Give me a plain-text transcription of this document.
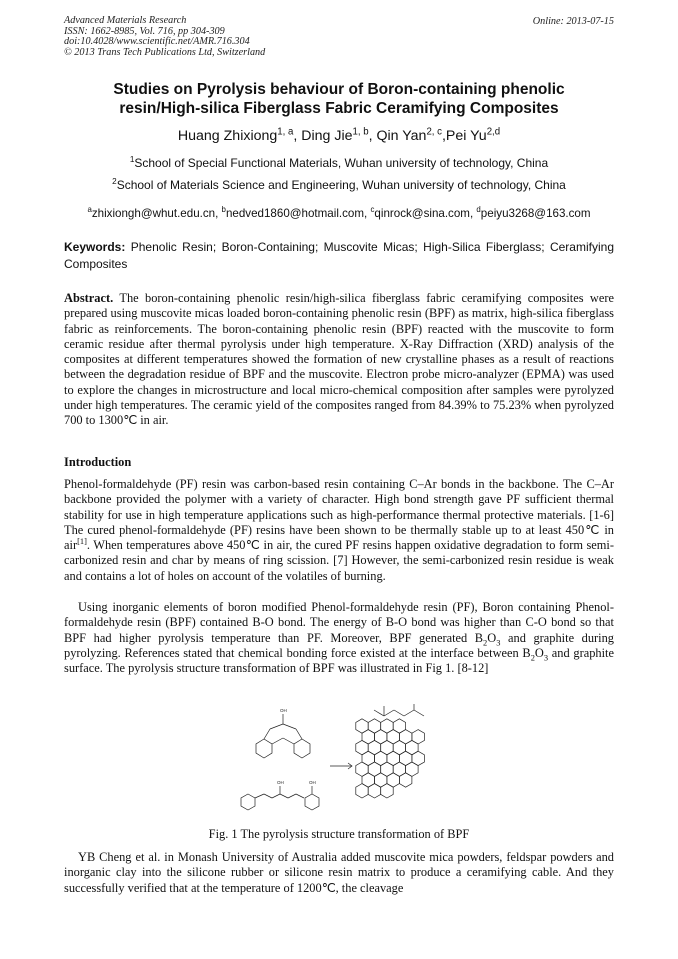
Advanced Materials Research
ISSN: 1662-8985, Vol. 716, pp 304-309
doi:10.4028/www.scientific.net/AMR.716.304
© 2013 Trans Tech Publications Ltd, Switzerland
Online: 2013-07-15
Studies on Pyrolysis behaviour of Boron-containing phenolic
resin/High-silica Fiberglass Fabric Ceramifying Composites
Huang Zhixiong$^{1, a}$, Ding Jie$^{1, b}$, Qin Yan$^{2, c}$,Pei Yu$^{2,d}$
$^1$School of Special Functional Materials, Wuhan university of technology, China
$^2$School of Materials Science and Engineering, Wuhan university of technology, China
$^a$zhixiongh@whut.edu.cn, $^b$nedved1860@hotmail.com, $^c$qinrock@sina.com, $^d$peiyu3268@163.com
Keywords: Phenolic Resin; Boron-Containing; Muscovite Micas; High-Silica Fiberglass; Ceramifying Composites
Abstract. The boron-containing phenolic resin/high-silica fiberglass fabric ceramifying composites were prepared using muscovite micas loaded boron-containing phenolic resin (BPF) as matrix, high-silica fiberglass fabric as reinforcements. The boron-containing phenolic resin (BPF) reacted with the muscovite to form ceramic residue after thermal pyrolysis under high temperature. X-Ray Diffraction (XRD) analysis of the composites at different temperatures showed the formation of new crystalline phases as a result of reactions between the degradation residue of BPF and the muscovite. Electron probe micro-analyzer (EPMA) was used to explore the changes in microstructure and local micro-chemical composition after samples were pyrolyzed under high temperatures. The ceramic yield of the composites ranged from 84.39% to 75.23% when pyrolyzed 700 to 1300℃ in air.
Introduction
Phenol-formaldehyde (PF) resin was carbon-based resin containing C–Ar bonds in the backbone. The C–Ar backbone provided the polymer with a variety of character. High bond strength gave PF sufficient thermal stability for use in high temperature applications such as high-performance thermal protective materials. [1-6] The cured phenol-formaldehyde (PF) resins have been shown to be thermally stable up to at least 450℃ in air[1]. When temperatures above 450℃ in air, the cured PF resins happen oxidative degradation to form semi-carbonized resin and char by means of ring scission. [7] However, the semi-carbonized resin residue is weak and contains a lot of holes on account of the volatiles of burning.
Using inorganic elements of boron modified Phenol-formaldehyde resin (PF), Boron containing Phenol-formaldehyde resin (BPF) contained B-O bond. The energy of B-O bond was higher than C-O bond so that BPF had higher pyrolysis temperature than PF. Moreover, BPF generated $B_2O_3$ and graphite during pyrolyzing. References stated that chemical bonding force existed at the interface between $B_2O_3$ and graphite surface. The pyrolysis structure transformation of BPF was illustrated in Fig 1. [8-12]
OH
OH	OH
Fig. 1 The pyrolysis structure transformation of BPF
YB Cheng et al. in Monash University of Australia added muscovite mica powders, feldspar powders and inorganic clay into the silicone rubber or silicone resin matrix to produce a ceramifying cable. And they successfully verified that at the temperature of 1200℃, the cleavage
